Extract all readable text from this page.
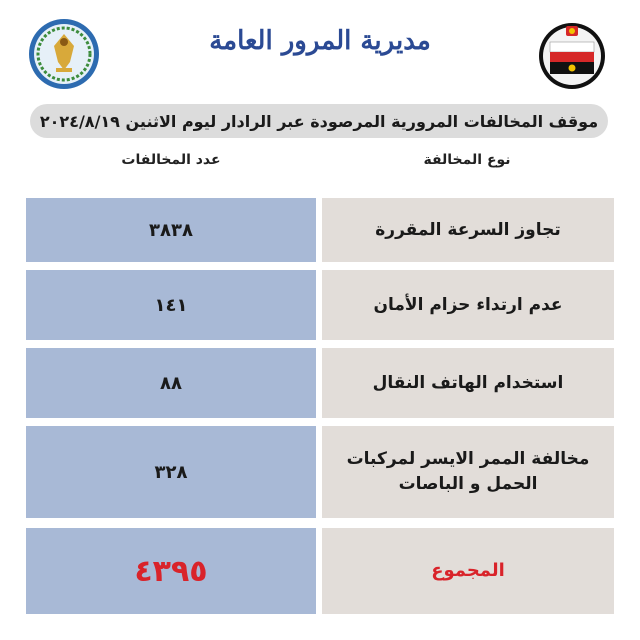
مديرية المرور العامة
موقف المخالفات المرورية المرصودة عبر الرادار ليوم الاثنين ٢٠٢٤/٨/١٩
نوع المخالفة
عدد المخالفات
تجاوز السرعة المقررة
٣٨٣٨
عدم ارتداء حزام الأمان
١٤١
استخدام الهاتف النقال
٨٨
مخالفة الممر الايسر لمركبات الحمل و الباصات
٣٢٨
المجموع
٤٣٩٥
